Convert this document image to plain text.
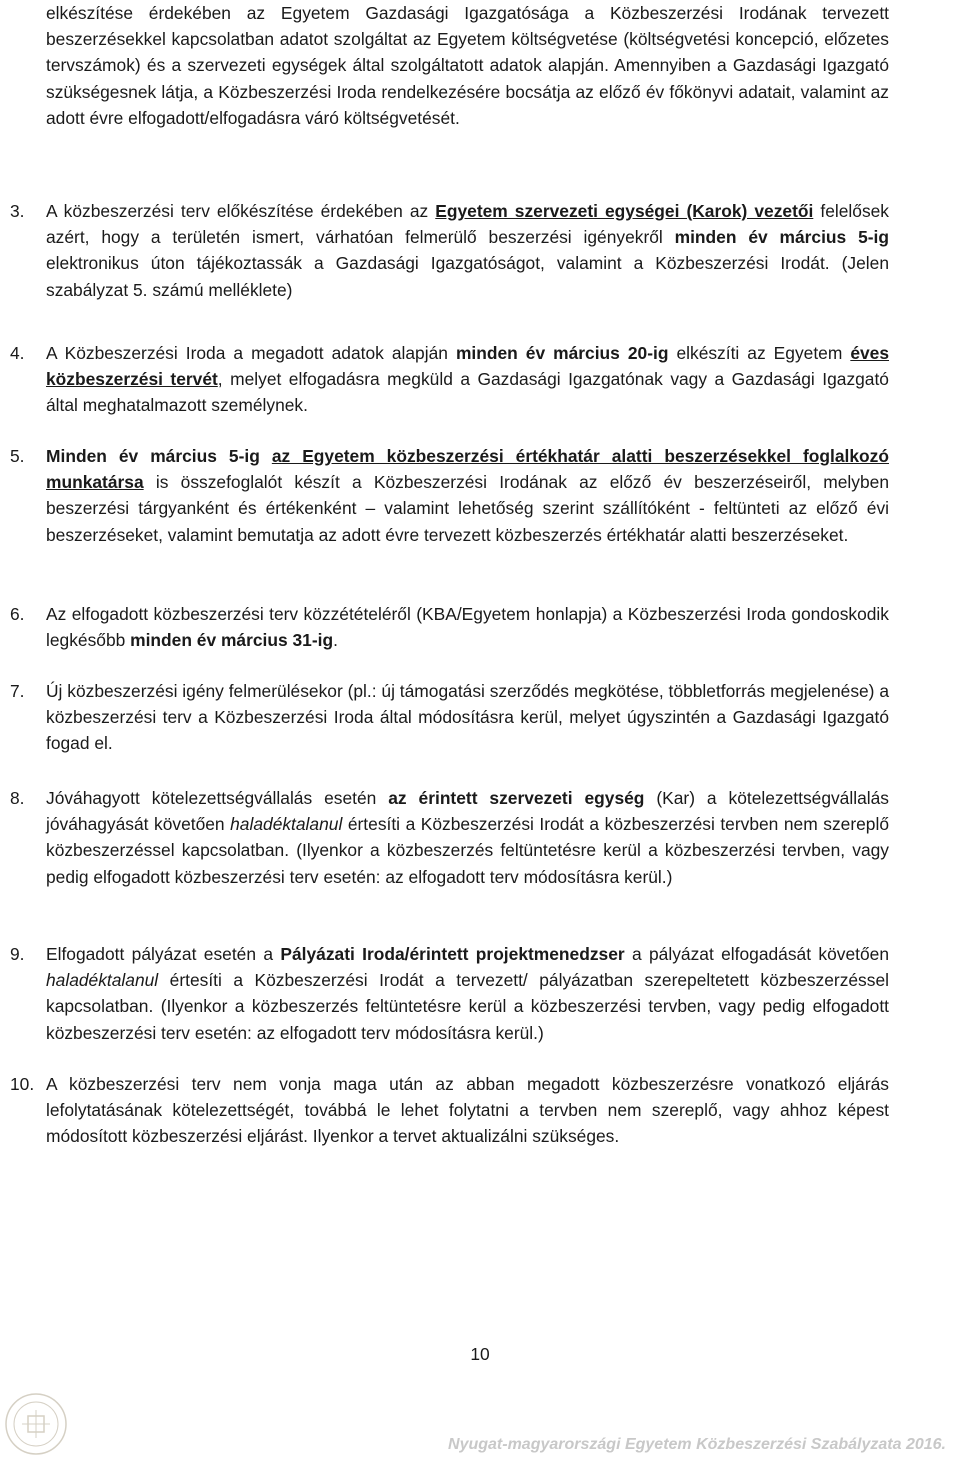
elkészítése érdekében az Egyetem Gazdasági Igazgatósága a Közbeszerzési Irodának tervezett beszerzésekkel kapcsolatban adatot szolgáltat az Egyetem költségvetése (költségvetési koncepció, előzetes tervszámok) és a szervezeti egységek által szolgáltatott adatok alapján. Amennyiben a Gazdasági Igazgató szükségesnek látja, a Közbeszerzési Iroda rendelkezésére bocsátja az előző év főkönyvi adatait, valamint az adott évre elfogadott/elfogadásra váró költségvetését.
3.	A közbeszerzési terv előkészítése érdekében az Egyetem szervezeti egységei (Karok) vezetői felelősek azért, hogy a területén ismert, várhatóan felmerülő beszerzési igényekről minden év március 5-ig elektronikus úton tájékoztassák a Gazdasági Igazgatóságot, valamint a Közbeszerzési Irodát. (Jelen szabályzat 5. számú melléklete)
4.	A Közbeszerzési Iroda a megadott adatok alapján minden év március 20-ig elkészíti az Egyetem éves közbeszerzési tervét, melyet elfogadásra megküld a Gazdasági Igazgatónak vagy a Gazdasági Igazgató által meghatalmazott személynek.
5.	Minden év március 5-ig az Egyetem közbeszerzési értékhatár alatti beszerzésekkel foglalkozó munkatársa is összefoglalót készít a Közbeszerzési Irodának az előző év beszerzéseiről, melyben beszerzési tárgyanként és értékenként – valamint lehetőség szerint szállítóként - feltünteti az előző évi beszerzéseket, valamint bemutatja az adott évre tervezett közbeszerzés értékhatár alatti beszerzéseket.
6.	Az elfogadott közbeszerzési terv közzétételéről (KBA/Egyetem honlapja) a Közbeszerzési Iroda gondoskodik legkésőbb minden év március 31-ig.
7.	Új közbeszerzési igény felmerülésekor (pl.: új támogatási szerződés megkötése, többletforrás megjelenése) a közbeszerzési terv a Közbeszerzési Iroda által módosításra kerül, melyet úgyszintén a Gazdasági Igazgató fogad el.
8.	Jóváhagyott kötelezettségvállalás esetén az érintett szervezeti egység (Kar) a kötelezettségvállalás jóváhagyását követően haladéktalanul értesíti a Közbeszerzési Irodát a közbeszerzési tervben nem szereplő közbeszerzéssel kapcsolatban. (Ilyenkor a közbeszerzés feltüntetésre kerül a közbeszerzési tervben, vagy pedig elfogadott közbeszerzési terv esetén: az elfogadott terv módosításra kerül.)
9.	Elfogadott pályázat esetén a Pályázati Iroda/érintett projektmenedzser a pályázat elfogadását követően haladéktalanul értesíti a Közbeszerzési Irodát a tervezett/ pályázatban szerepeltetett közbeszerzéssel kapcsolatban. (Ilyenkor a közbeszerzés feltüntetésre kerül a közbeszerzési tervben, vagy pedig elfogadott közbeszerzési terv esetén: az elfogadott terv módosításra kerül.)
10. A közbeszerzési terv nem vonja maga után az abban megadott közbeszerzésre vonatkozó eljárás lefolytatásának kötelezettségét, továbbá le lehet folytatni a tervben nem szereplő, vagy ahhoz képest módosított közbeszerzési eljárást. Ilyenkor a tervet aktualizálni szükséges.
10
Nyugat-magyarországi Egyetem Közbeszerzési Szabályzata 2016.
